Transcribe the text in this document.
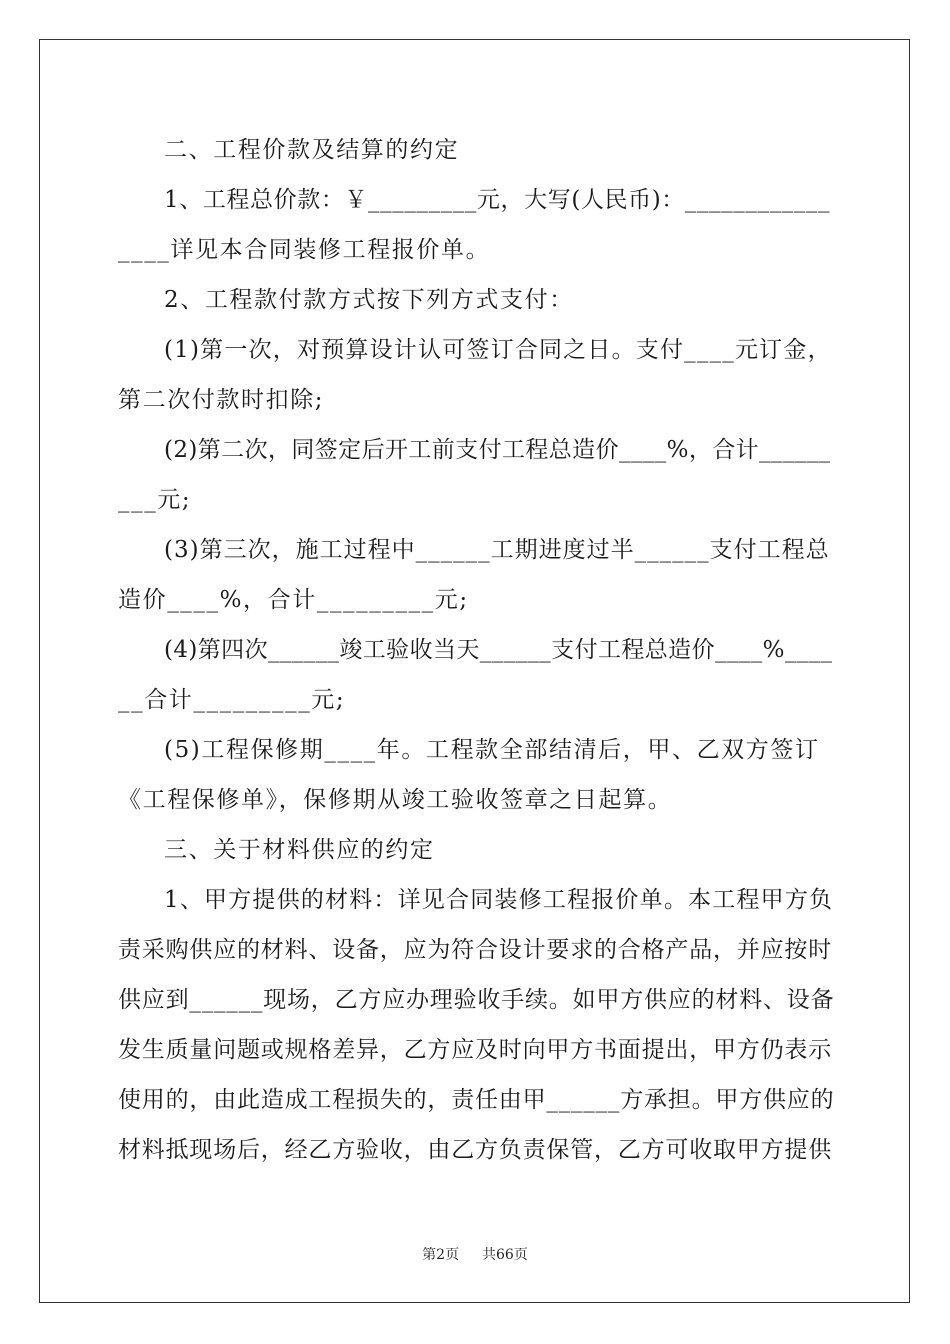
二、工程价款及结算的约定
1、工程总价款：￥_________元，大写(人民币)：____________
____详见本合同装修工程报价单。
2、工程款付款方式按下列方式支付：
(1)第一次，对预算设计认可签订合同之日。支付____元订金，
第二次付款时扣除;
(2)第二次，同签定后开工前支付工程总造价____%，合计______
___元;
(3)第三次，施工过程中______工期进度过半______支付工程总
造价____%，合计_________元;
(4)第四次______竣工验收当天______支付工程总造价____%____
__合计_________元;
(5)工程保修期____年。工程款全部结清后，甲、乙双方签订
《工程保修单》，保修期从竣工验收签章之日起算。
三、关于材料供应的约定
1、甲方提供的材料：详见合同装修工程报价单。本工程甲方负
责采购供应的材料、设备，应为符合设计要求的合格产品，并应按时
供应到______现场，乙方应办理验收手续。如甲方供应的材料、设备
发生质量问题或规格差异，乙方应及时向甲方书面提出，甲方仍表示
使用的，由此造成工程损失的，责任由甲______方承担。甲方供应的
材料抵现场后，经乙方验收，由乙方负责保管，乙方可收取甲方提供
第2页 共66页
